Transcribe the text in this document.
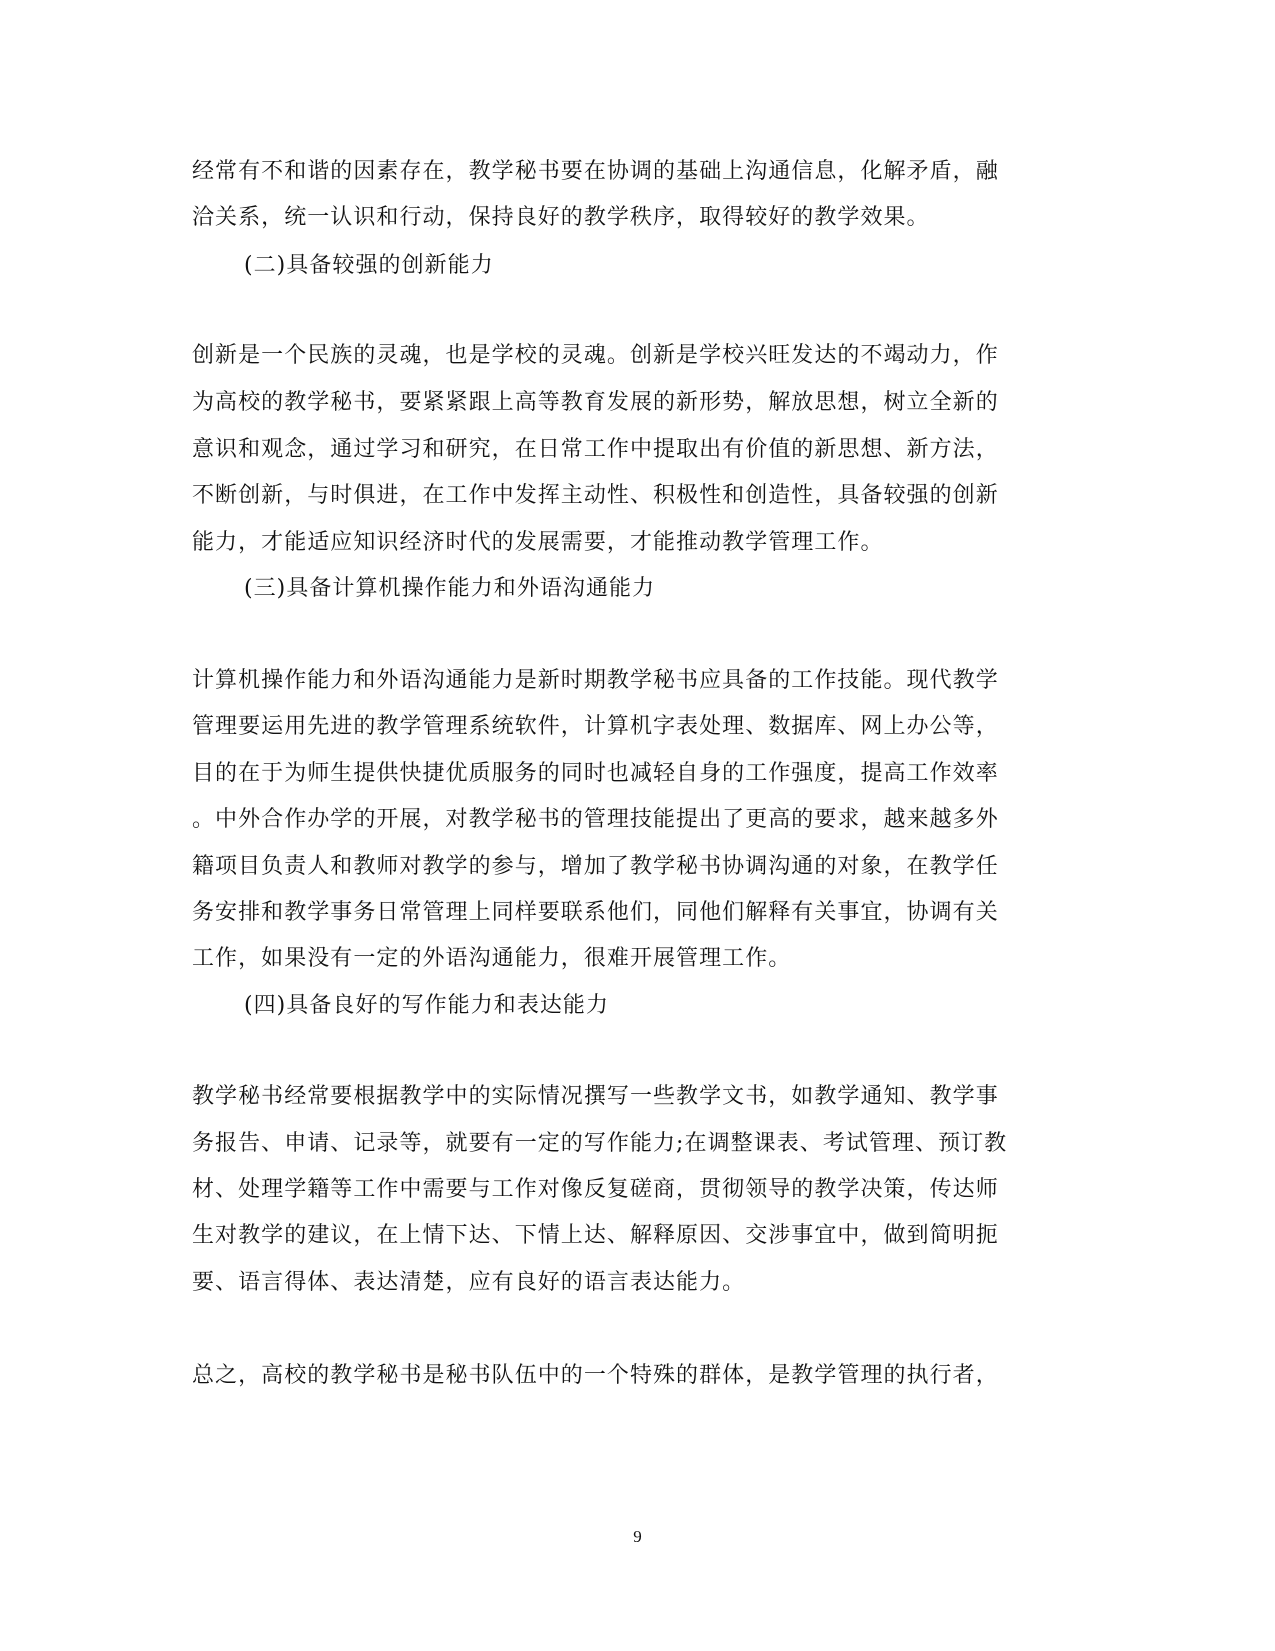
经常有不和谐的因素存在，教学秘书要在协调的基础上沟通信息，化解矛盾，融
洽关系，统一认识和行动，保持良好的教学秩序，取得较好的教学效果。
(二)具备较强的创新能力
创新是一个民族的灵魂，也是学校的灵魂。创新是学校兴旺发达的不竭动力，作
为高校的教学秘书，要紧紧跟上高等教育发展的新形势，解放思想，树立全新的
意识和观念，通过学习和研究，在日常工作中提取出有价值的新思想、新方法，
不断创新，与时俱进，在工作中发挥主动性、积极性和创造性，具备较强的创新
能力，才能适应知识经济时代的发展需要，才能推动教学管理工作。
(三)具备计算机操作能力和外语沟通能力
计算机操作能力和外语沟通能力是新时期教学秘书应具备的工作技能。现代教学
管理要运用先进的教学管理系统软件，计算机字表处理、数据库、网上办公等，
目的在于为师生提供快捷优质服务的同时也减轻自身的工作强度，提高工作效率
。中外合作办学的开展，对教学秘书的管理技能提出了更高的要求，越来越多外
籍项目负责人和教师对教学的参与，增加了教学秘书协调沟通的对象，在教学任
务安排和教学事务日常管理上同样要联系他们，同他们解释有关事宜，协调有关
工作，如果没有一定的外语沟通能力，很难开展管理工作。
(四)具备良好的写作能力和表达能力
教学秘书经常要根据教学中的实际情况撰写一些教学文书，如教学通知、教学事
务报告、申请、记录等，就要有一定的写作能力;在调整课表、考试管理、预订教
材、处理学籍等工作中需要与工作对像反复磋商，贯彻领导的教学决策，传达师
生对教学的建议，在上情下达、下情上达、解释原因、交涉事宜中，做到简明扼
要、语言得体、表达清楚，应有良好的语言表达能力。
总之，高校的教学秘书是秘书队伍中的一个特殊的群体，是教学管理的执行者，
9
